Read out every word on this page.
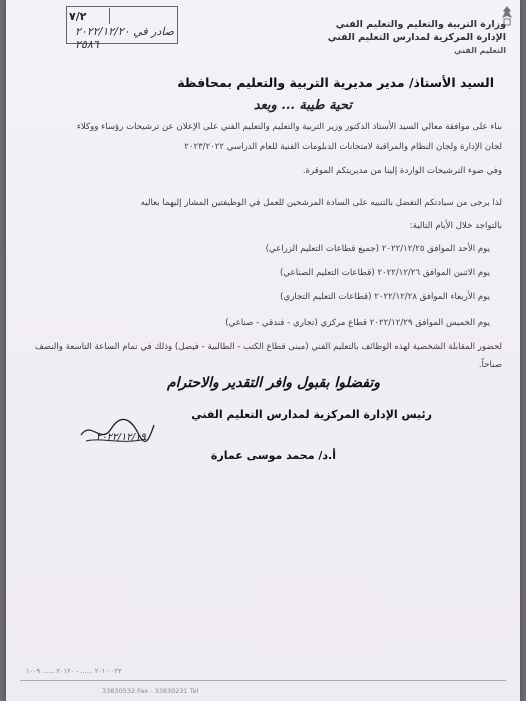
وزارة التربية والتعليم والتعليم الفني
الإدارة المركزية لمدارس التعليم الفني
التعليم الفني
٧/٢
صادر في ٢٠٢٢/١٢/٢٠ ٢٥٨٦
السيد الأستاذ/ مدير مديرية التربية والتعليم بمحافظة
تحية طيبة ... وبعد
بناء على موافقة معالي السيد الأستاذ الدكتور وزير التربية والتعليم والتعليم الفني على الإعلان عن ترشيحات رؤساء ووكلاء
لجان الإدارة ولجان النظام والمراقبة لامتحانات الدبلومات الفنية للعام الدراسي ٢٠٢٣/٢٠٢٢
وفي ضوء الترشيحات الواردة إلينا من مديريتكم الموقرة.
لذا يرجى من سيادتكم التفضل بالتنبيه على السادة المرشحين للعمل في الوظيفتين المشار إليهما بعاليه
بالتواجد خلال الأيام التالية:
يوم الأحد الموافق ٢٠٢٢/١٢/٢٥ (جميع قطاعات التعليم الزراعي)
يوم الاثنين الموافق ٢٠٢٢/١٢/٢٦ (قطاعات التعليم الصناعي)
يوم الأربعاء الموافق ٢٠٢٢/١٢/٢٨ (قطاعات التعليم التجاري)
يوم الخميس الموافق ٢٠٢٢/١٢/٢٩ قطاع مركزي (تجاري - فندقي - صناعي)
لحضور المقابلة الشخصية لهذه الوظائف بالتعليم الفني (مبنى قطاع الكتب - الطالبية - فيصل) وذلك في تمام الساعة التاسعة والنصف
صباحاً.
وتفضلوا بقبول وافر التقدير والاحترام
رئيس الإدارة المركزية لمدارس التعليم الفني
٢٠٢٢/١٢/١٩
أ.د/ محمد موسى عمارة
٠٢٢ ٢٠١٠ ...... - ٢٠١٢٠ ...... ١٠٠٩
33830532 Fax - 33830231 Tel
